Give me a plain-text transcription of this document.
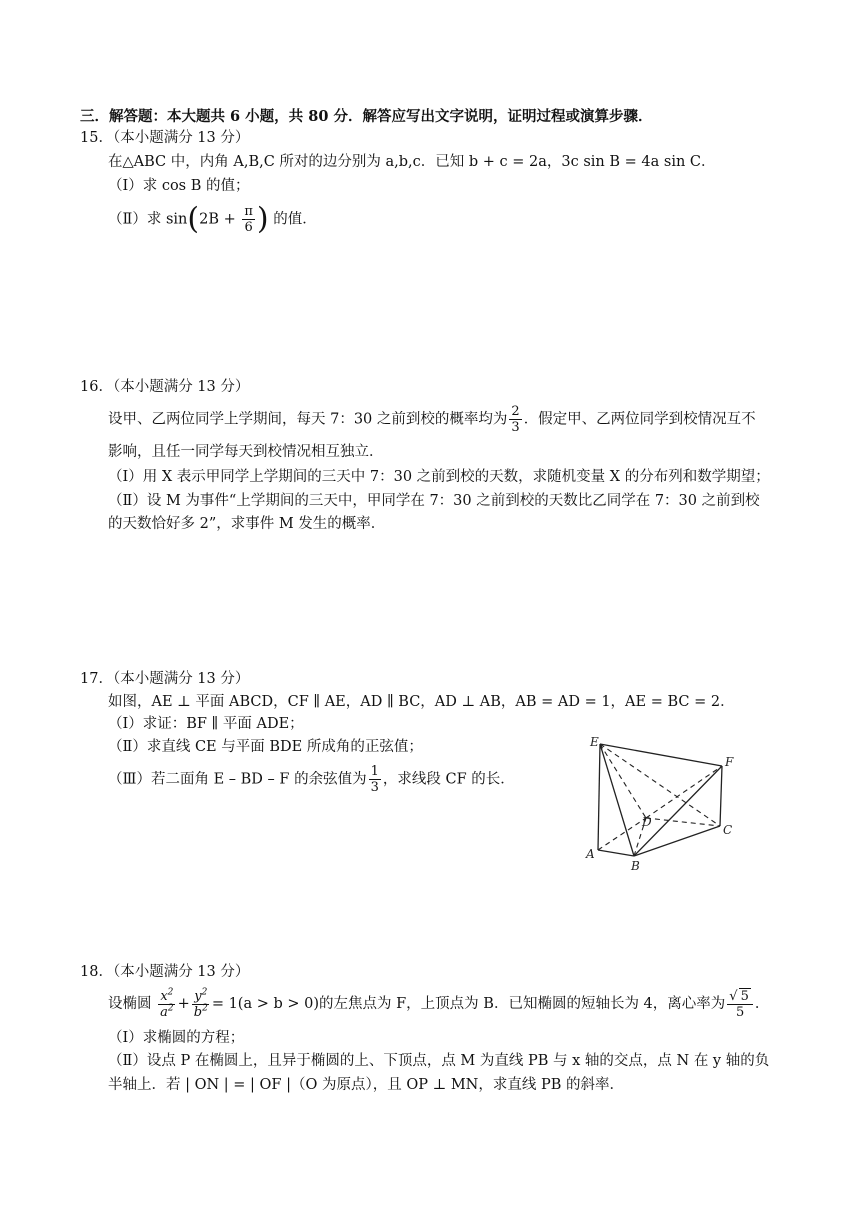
三．解答题：本大题共 6 小题，共 80 分．解答应写出文字说明，证明过程或演算步骤．
15．（本小题满分 13 分）
在△ABC 中，内角 A,B,C 所对的边分别为 a,b,c．已知 b + c = 2a，3c sin B = 4a sin C．
（Ⅰ）求 cos B 的值；
（Ⅱ）求 $\sin(2B + \frac{\pi}{6}$ ) 的值．
16．（本小题满分 13 分）
设甲、乙两位同学上学期间，每天 7：30 之前到校的概率均为 $\frac{2}{3}$ ．假定甲、乙两位同学到校情况互不
影响，且任一同学每天到校情况相互独立．
（Ⅰ）用 X 表示甲同学上学期间的三天中 7：30 之前到校的天数，求随机变量 X 的分布列和数学期望；
（Ⅱ）设 M 为事件“上学期间的三天中，甲同学在 7：30 之前到校的天数比乙同学在 7：30 之前到校
的天数恰好多 2”，求事件 M 发生的概率．
17．（本小题满分 13 分）
如图，AE ⊥ 平面 ABCD，CF ∥ AE，AD ∥ BC，AD ⊥ AB，AB = AD = 1，AE = BC = 2．
（Ⅰ）求证：BF ∥ 平面 ADE；
（Ⅱ）求直线 CE 与平面 BDE 所成角的正弦值；
（Ⅲ）若二面角 E – BD – F 的余弦值为 $\frac{1}{3}$ ，求线段 CF 的长．
E
F
D
C
A
B
18．（本小题满分 13 分）
设椭圆 $\frac{x^2}{a^2} + \frac{y^2}{b^2} = 1(a > b > 0)$的左焦点为 F，上顶点为 B．已知椭圆的短轴长为 4，离心率为 $\frac{√ 5}{5}$ ．
（Ⅰ）求椭圆的方程；
（Ⅱ）设点 P 在椭圆上，且异于椭圆的上、下顶点，点 M 为直线 PB 与 x 轴的交点，点 N 在 y 轴的负
半轴上．若 | ON | = | OF |（O 为原点），且 OP ⊥ MN，求直线 PB 的斜率．
